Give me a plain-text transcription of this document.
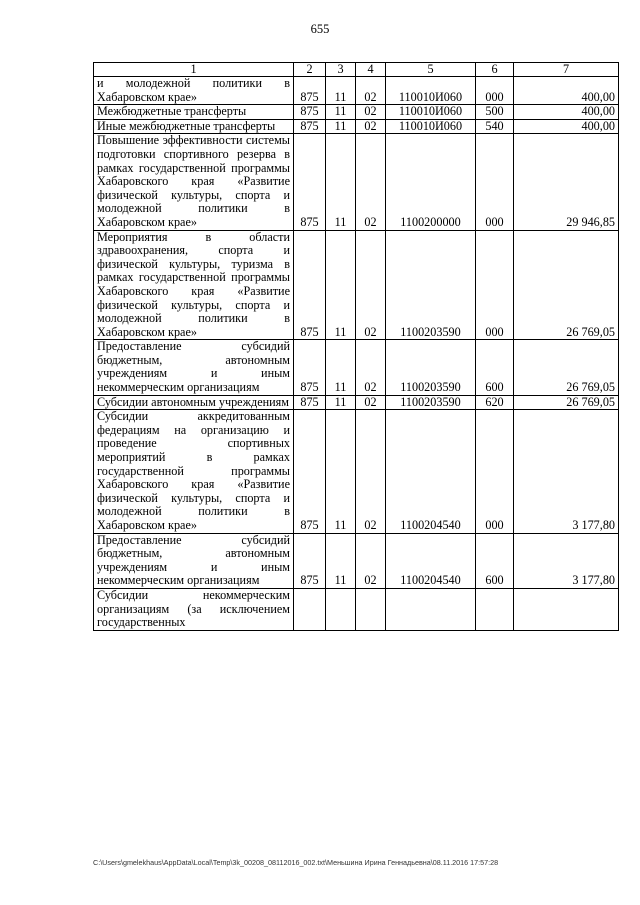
655
1	2	3	4	5	6	7
и молодежной политики в Хабаровском крае»	875	11	02	110010И060	000	400,00
Межбюджетные трансферты	875	11	02	110010И060	500	400,00
Иные межбюджетные трансферты	875	11	02	110010И060	540	400,00
Повышение эффективности системы подготовки спортивного резерва в рамках государственной программы Хабаровского края «Развитие физической культуры, спорта и молодежной политики в Хабаровском крае»	875	11	02	1100200000	000	29 946,85
Мероприятия в области здравоохранения, спорта и физической культуры, туризма в рамках государственной программы Хабаровского края «Развитие физической культуры, спорта и молодежной политики в Хабаровском крае»	875	11	02	1100203590	000	26 769,05
Предоставление субсидий бюджетным, автономным учреждениям и иным некоммерческим организациям	875	11	02	1100203590	600	26 769,05
Субсидии автономным учреждениям	875	11	02	1100203590	620	26 769,05
Субсидии аккредитованным федерациям на организацию и проведение спортивных мероприятий в рамках государственной программы Хабаровского края «Развитие физической культуры, спорта и молодежной политики в Хабаровском крае»	875	11	02	1100204540	000	3 177,80
Предоставление субсидий бюджетным, автономным учреждениям и иным некоммерческим организациям	875	11	02	1100204540	600	3 177,80
Субсидии некоммерческим организациям (за исключением государственных						
C:\Users\gmelekhaus\AppData\Local\Temp\3k_00208_08112016_002.txt\Меньшина Ирина Геннадьевна\08.11.2016 17:57:28
